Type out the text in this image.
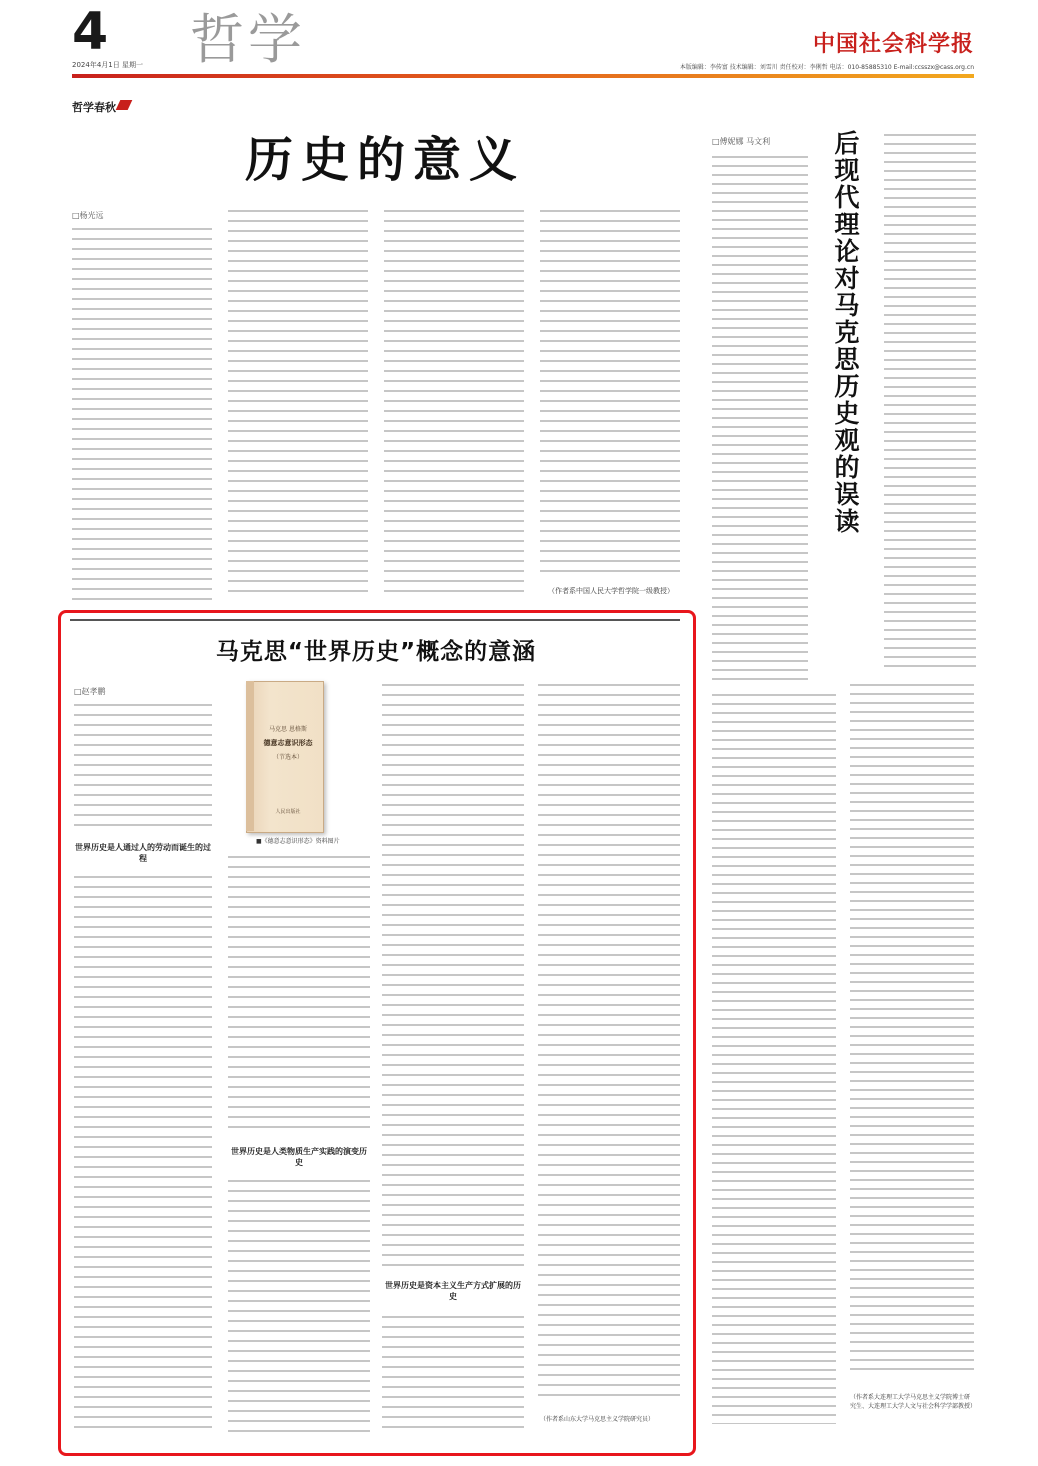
4
2024年4月1日 星期一 哲学	中国社会科学报
本版编辑：李传富 技术编辑：刘雪川 责任校对：李俐哲 电话：010-85885310 E-mail:ccsszx@cass.org.cn
哲学春秋
历史的意义
□杨光远
（作者系中国人民大学哲学院一级教授）
□傅妮娜 马文利 后现代理论对马克思历史观的误读
（作者系大连理工大学马克思主义学院博士研究生、大连理工大学人文与社会科学学部教授）
马克思“世界历史”概念的意涵
□赵孝鹏
世界历史是人通过人的劳动而诞生的过程
马克思 恩格斯
德意志意识形态
（节选本）
人民出版社
■《德意志意识形态》资料图片
世界历史是人类物质生产实践的演变历史
世界历史是资本主义生产方式扩展的历史
（作者系山东大学马克思主义学院研究员）
